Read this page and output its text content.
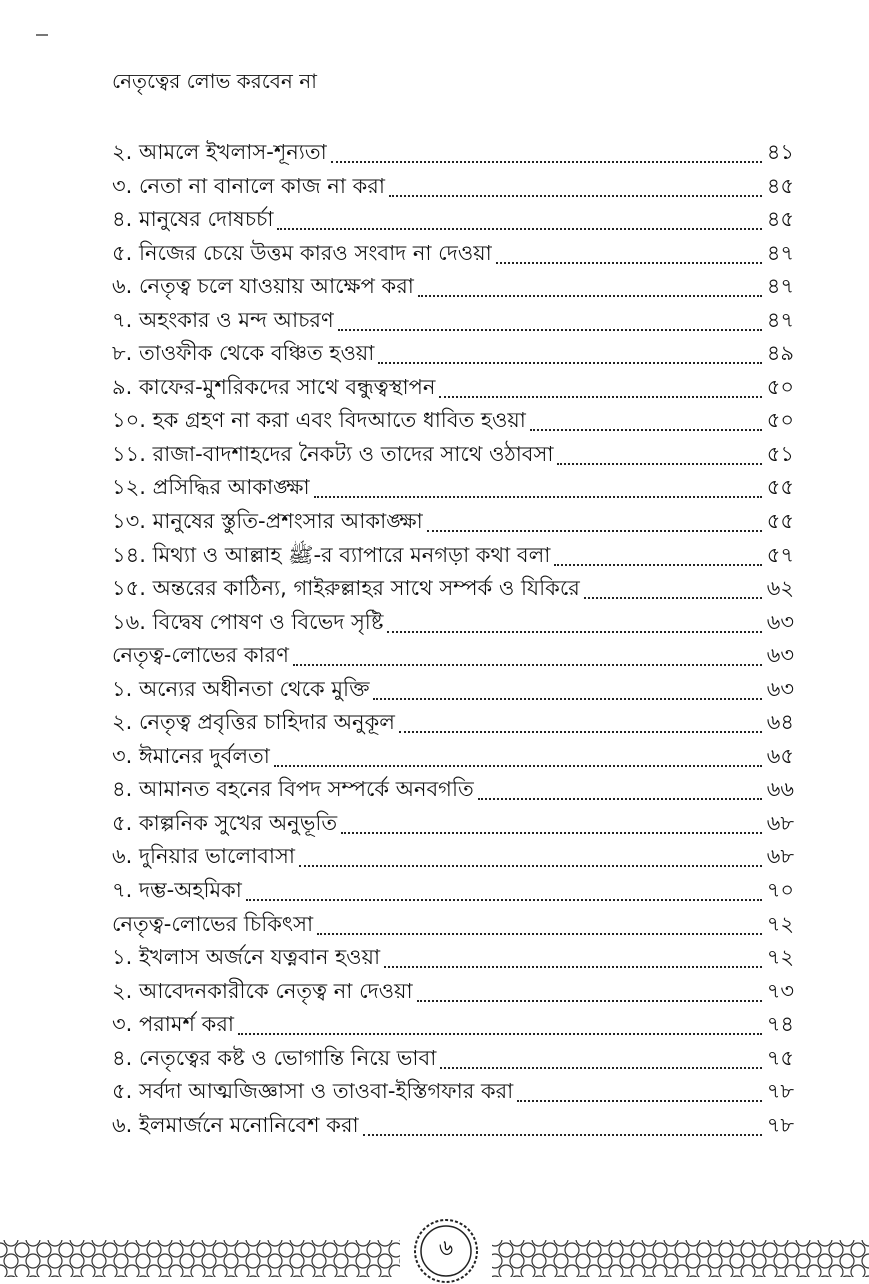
নেতৃত্বের লোভ করবেন না
২. আমলে ইখলাস-শূন্যতা	৪১
৩. নেতা না বানালে কাজ না করা	৪৫
৪. মানুষের দোষচর্চা	৪৫
৫. নিজের চেয়ে উত্তম কারও সংবাদ না দেওয়া	৪৭
৬. নেতৃত্ব চলে যাওয়ায় আক্ষেপ করা	৪৭
৭. অহংকার ও মন্দ আচরণ	৪৭
৮. তাওফীক থেকে বঞ্চিত হওয়া	৪৯
৯. কাফের-মুশরিকদের সাথে বন্ধুত্বস্থাপন	৫০
১০. হক গ্রহণ না করা এবং বিদআতে ধাবিত হওয়া	৫০
১১. রাজা-বাদশাহদের নৈকট্য ও তাদের সাথে ওঠাবসা	৫১
১২. প্রসিদ্ধির আকাঙ্ক্ষা	৫৫
১৩. মানুষের স্তুতি-প্রশংসার আকাঙ্ক্ষা	৫৫
১৪. মিথ্যা ও আল্লাহ ﷺ-র ব্যাপারে মনগড়া কথা বলা	৫৭
১৫. অন্তরের কাঠিন্য, গাইরুল্লাহর সাথে সম্পর্ক ও যিকিরে	৬২
১৬. বিদ্বেষ পোষণ ও বিভেদ সৃষ্টি	৬৩
নেতৃত্ব-লোভের কারণ	৬৩
১. অন্যের অধীনতা থেকে মুক্তি	৬৩
২. নেতৃত্ব প্রবৃত্তির চাহিদার অনুকূল	৬৪
৩. ঈমানের দুর্বলতা	৬৫
৪. আমানত বহনের বিপদ সম্পর্কে অনবগতি	৬৬
৫. কাল্পনিক সুখের অনুভূতি	৬৮
৬. দুনিয়ার ভালোবাসা	৬৮
৭. দম্ভ-অহমিকা	৭০
নেতৃত্ব-লোভের চিকিৎসা	৭২
১. ইখলাস অর্জনে যত্নবান হওয়া	৭২
২. আবেদনকারীকে নেতৃত্ব না দেওয়া	৭৩
৩. পরামর্শ করা	৭৪
৪. নেতৃত্বের কষ্ট ও ভোগান্তি নিয়ে ভাবা	৭৫
৫. সর্বদা আত্মজিজ্ঞাসা ও তাওবা-ইস্তিগফার করা	৭৮
৬. ইলমার্জনে মনোনিবেশ করা	৭৮
৬
